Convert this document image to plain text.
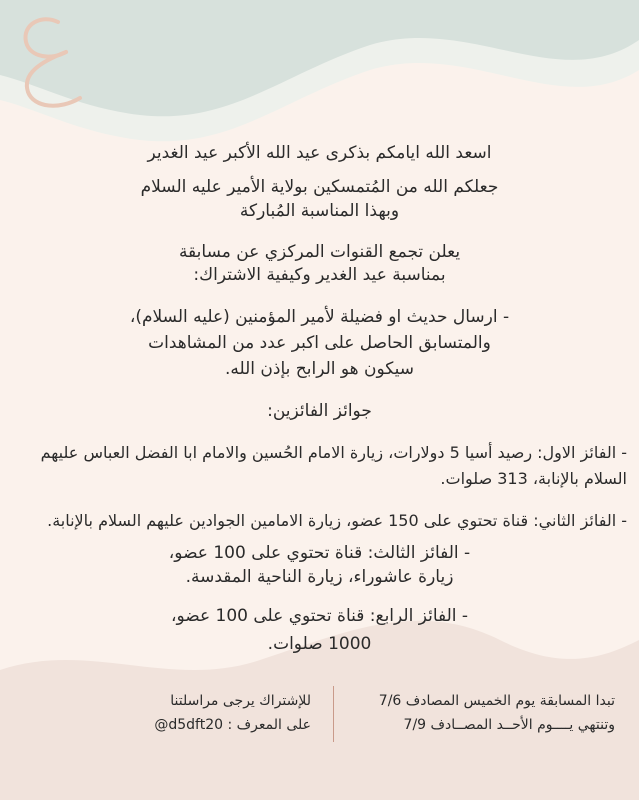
اسعد الله ايامكم بذكرى عيد الله الأكبر عيد الغدير
جعلكم الله من المُتمسكين بولاية الأمير عليه السلام
وبهذا المناسبة المُباركة
يعلن تجمع القنوات المركزي عن مسابقة
بمناسبة عيد الغدير وكيفية الاشتراك:
- ارسال حديث او فضيلة لأمير المؤمنين (عليه السلام)،
والمتسابق الحاصل على اكبر عدد من المشاهدات
سيكون هو الرابح بإذن الله.
جوائز الفائزين:
- الفائز الاول: رصيد أسيا 5 دولارات، زيارة الامام الحُسين والامام ابا الفضل العباس عليهم
السلام بالإنابة، 313 صلوات.
- الفائز الثاني: قناة تحتوي على 150 عضو، زيارة الامامين الجوادين عليهم السلام بالإنابة.
- الفائز الثالث: قناة تحتوي على 100 عضو،
زيارة عاشوراء، زيارة الناحية المقدسة.
- الفائز الرابع: قناة تحتوي على 100 عضو،
1000 صلوات.
تبدا المسابقة يوم الخميس المصادف 7/6
وتنتهي يــــوم الأحــد المصــادف 7/9
للإشتراك يرجى مراسلتنا
على المعرف : d5dft20@
